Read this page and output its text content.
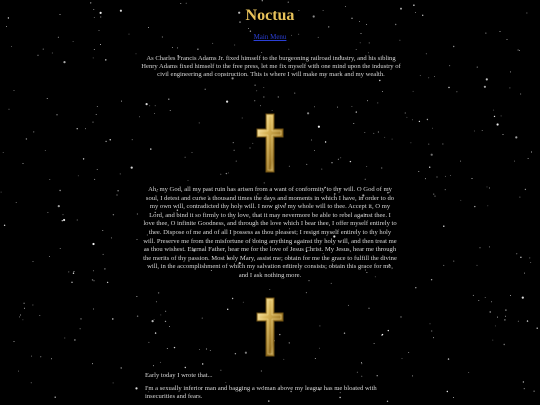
Noctua
Main Menu
As Charles Francis Adams Jr. fixed himself to the burgeoning railroad industry, and his sibling Henry Adams fixed himself to the free press, let me fix myself with one mind upon the industry of civil engineering and construction. This is where I will make my mark and my wealth.
Ah, my God, all my past ruin has arisen from a want of conformity to thy will. O God of my soul, I detest and curse a thousand times the days and moments in which I have, in order to do my own will, contradicted thy holy will. I now give my whole will to thee. Accept it, O my Lord, and bind it so firmly to thy love, that it may nevermore be able to rebel against thee. I love thee, O infinite Goodness, and through the love which I bear thee, I offer myself entirely to thee. Dispose of me and of all I possess as thou pleasest; I resign myself entirely to thy holy will. Preserve me from the misfortune of doing anything against thy holy will, and then treat me as thou wishest. Eternal Father, hear me for the love of Jesus Christ. My Jesus, hear me through the merits of thy passion. Most holy Mary, assist me; obtain for me the grace to fulfill the divine will, in the accomplishment of which my salvation entirely consists; obtain this grace for me, and I ask nothing more.
Early today I wrote that...
I'm a sexually inferior man and bagging a woman above my league has me bloated with insecurities and fears.
